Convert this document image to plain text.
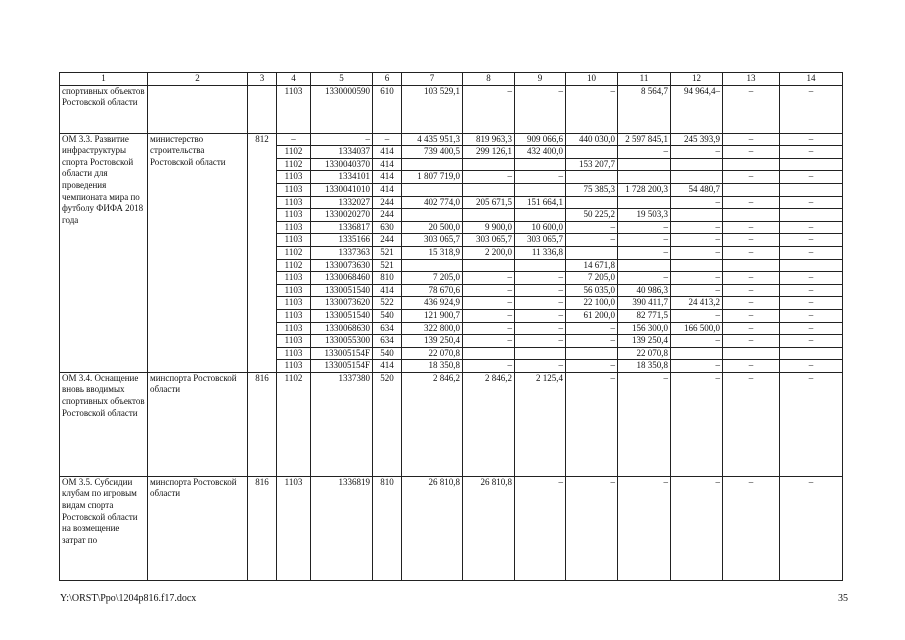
1	2	3	4	5	6	7	8	9	10	11	12	13	14
спортивных объектов Ростовской области			1103	1330000590	610	103 529,1	–	–	–	8 564,7	94 964,4–	–	–
ОМ 3.3. Развитие инфраструктуры спорта Ростовской области для проведения чемпионата мира по футболу ФИФА 2018 года	министерство строительства Ростовской области	812	–	–	–	4 435 951,3	819 963,3	909 066,6	440 030,0	2 597 845,1	245 393,9	–	–
			1102	1334037	414	739 400,5	299 126,1	432 400,0		–	–	–	–
			1102	1330040370	414				153 207,7				
			1103	1334101	414	1 807 719,0	–	–				–	–
			1103	1330041010	414				75 385,3	1 728 200,3	54 480,7		
			1103	1332027	244	402 774,0	205 671,5	151 664,1			–	–	–
			1103	1330020270	244				50 225,2	19 503,3			
			1103	1336817	630	20 500,0	9 900,0	10 600,0	–	–	–	–	–
			1103	1335166	244	303 065,7	303 065,7	303 065,7	–	–	–	–	–
			1102	1337363	521	15 318,9	2 200,0	11 336,8		–	–	–	–
			1102	1330073630	521				14 671,8				
			1103	1330068460	810	7 205,0	–	–	7 205,0	–	–	–	–
			1103	1330051540	414	78 670,6	–	–	56 035,0	40 986,3	–	–	–
			1103	1330073620	522	436 924,9	–	–	22 100,0	390 411,7	24 413,2	–	–
			1103	1330051540	540	121 900,7	–	–	61 200,0	82 771,5	–	–	–
			1103	1330068630	634	322 800,0	–	–	–	156 300,0	166 500,0	–	–
			1103	1330055300	634	139 250,4	–	–	–	139 250,4	–	–	–
			1103	133005154F	540	22 070,8				22 070,8			
			1103	133005154F	414	18 350,8	–	–	–	18 350,8	–	–	–
ОМ 3.4. Оснащение вновь вводимых спортивных объектов Ростовской области	минспорта Ростовской области	816	1102	1337380	520	2 846,2	2 846,2	2 125,4	–	–	–	–	–
ОМ 3.5. Субсидии клубам по игровым видам спорта Ростовской области на возмещение затрат по	минспорта Ростовской области	816	1103	1336819	810	26 810,8	26 810,8	–	–	–	–	–	–
Y:\ORST\Ppo\1204p816.f17.docx	35
